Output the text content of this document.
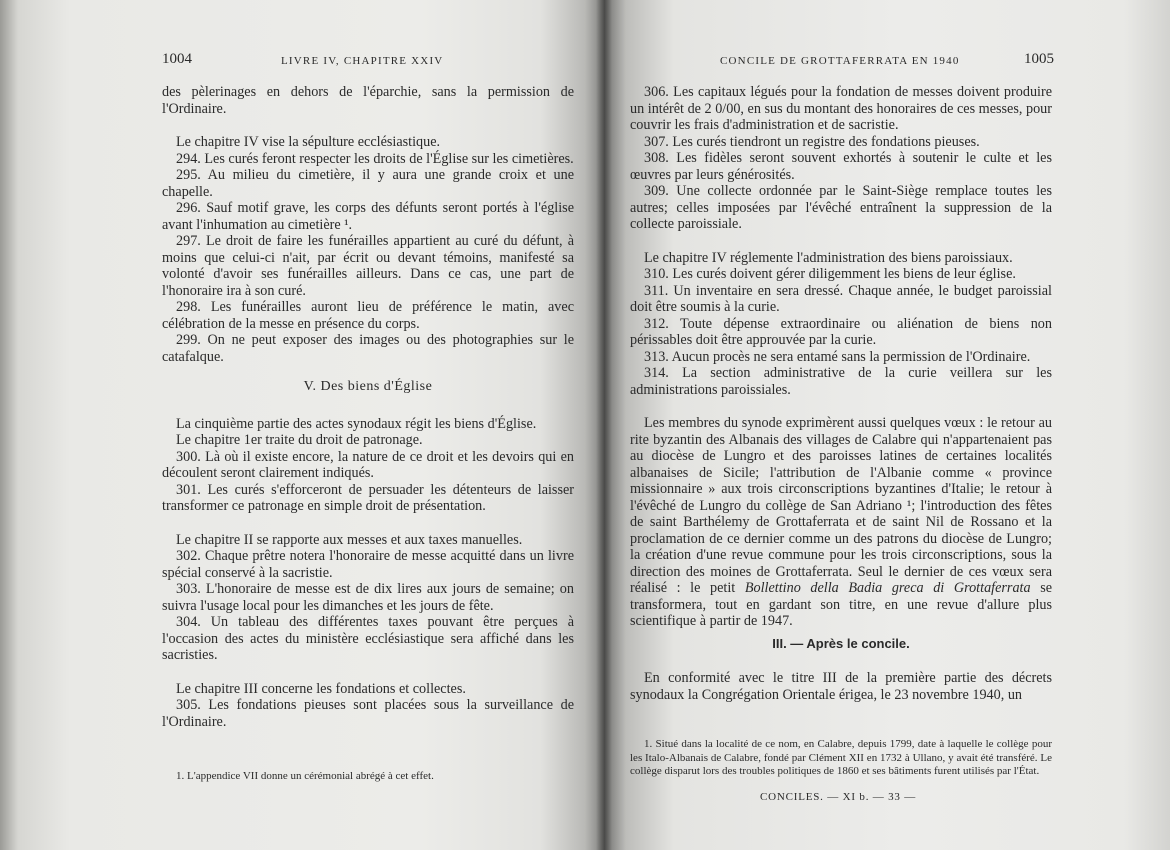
1004	LIVRE IV, CHAPITRE XXIV

des pèlerinages en dehors de l'éparchie, sans la permission de l'Ordinaire.

Le chapitre IV vise la sépulture ecclésiastique.

294. Les curés feront respecter les droits de l'Église sur les cimetières.

295. Au milieu du cimetière, il y aura une grande croix et une chapelle.

296. Sauf motif grave, les corps des défunts seront portés à l'église avant l'inhumation au cimetière ¹.

297. Le droit de faire les funérailles appartient au curé du défunt, à moins que celui-ci n'ait, par écrit ou devant témoins, manifesté sa volonté d'avoir ses funérailles ailleurs. Dans ce cas, une part de l'honoraire ira à son curé.

298. Les funérailles auront lieu de préférence le matin, avec célébration de la messe en présence du corps.

299. On ne peut exposer des images ou des photographies sur le catafalque.

V. Des biens d'Église

La cinquième partie des actes synodaux régit les biens d'Église.

Le chapitre 1er traite du droit de patronage.

300. Là où il existe encore, la nature de ce droit et les devoirs qui en découlent seront clairement indiqués.

301. Les curés s'efforceront de persuader les détenteurs de laisser transformer ce patronage en simple droit de présentation.

Le chapitre II se rapporte aux messes et aux taxes manuelles.

302. Chaque prêtre notera l'honoraire de messe acquitté dans un livre spécial conservé à la sacristie.

303. L'honoraire de messe est de dix lires aux jours de semaine; on suivra l'usage local pour les dimanches et les jours de fête.

304. Un tableau des différentes taxes pouvant être perçues à l'occasion des actes du ministère ecclésiastique sera affiché dans les sacristies.

Le chapitre III concerne les fondations et collectes.

305. Les fondations pieuses sont placées sous la surveillance de l'Ordinaire.

1. L'appendice VII donne un cérémonial abrégé à cet effet.

CONCILE DE GROTTAFERRATA EN 1940	1005

306. Les capitaux légués pour la fondation de messes doivent produire un intérêt de 2 0/00, en sus du montant des honoraires de ces messes, pour couvrir les frais d'administration et de sacristie.

307. Les curés tiendront un registre des fondations pieuses.

308. Les fidèles seront souvent exhortés à soutenir le culte et les œuvres par leurs générosités.

309. Une collecte ordonnée par le Saint-Siège remplace toutes les autres; celles imposées par l'évêché entraînent la suppression de la collecte paroissiale.

Le chapitre IV réglemente l'administration des biens paroissiaux.

310. Les curés doivent gérer diligemment les biens de leur église.

311. Un inventaire en sera dressé. Chaque année, le budget paroissial doit être soumis à la curie.

312. Toute dépense extraordinaire ou aliénation de biens non périssables doit être approuvée par la curie.

313. Aucun procès ne sera entamé sans la permission de l'Ordinaire.

314. La section administrative de la curie veillera sur les administrations paroissiales.

Les membres du synode exprimèrent aussi quelques vœux : le retour au rite byzantin des Albanais des villages de Calabre qui n'appartenaient pas au diocèse de Lungro et des paroisses latines de certaines localités albanaises de Sicile; l'attribution de l'Albanie comme « province missionnaire » aux trois circonscriptions byzantines d'Italie; le retour à l'évêché de Lungro du collège de San Adriano ¹; l'introduction des fêtes de saint Barthélemy de Grottaferrata et de saint Nil de Rossano et la proclamation de ce dernier comme un des patrons du diocèse de Lungro; la création d'une revue commune pour les trois circonscriptions, sous la direction des moines de Grottaferrata. Seul le dernier de ces vœux sera réalisé : le petit Bollettino della Badia greca di Grottaferrata se transformera, tout en gardant son titre, en une revue d'allure plus scientifique à partir de 1947.

III. — Après le concile.

En conformité avec le titre III de la première partie des décrets synodaux la Congrégation Orientale érigea, le 23 novembre 1940, un

1. Situé dans la localité de ce nom, en Calabre, depuis 1799, date à laquelle le collège pour les Italo-Albanais de Calabre, fondé par Clément XII en 1732 à Ullano, y avait été transféré. Le collège disparut lors des troubles politiques de 1860 et ses bâtiments furent utilisés par l'État.

CONCILES. — XI b. — 33 —
